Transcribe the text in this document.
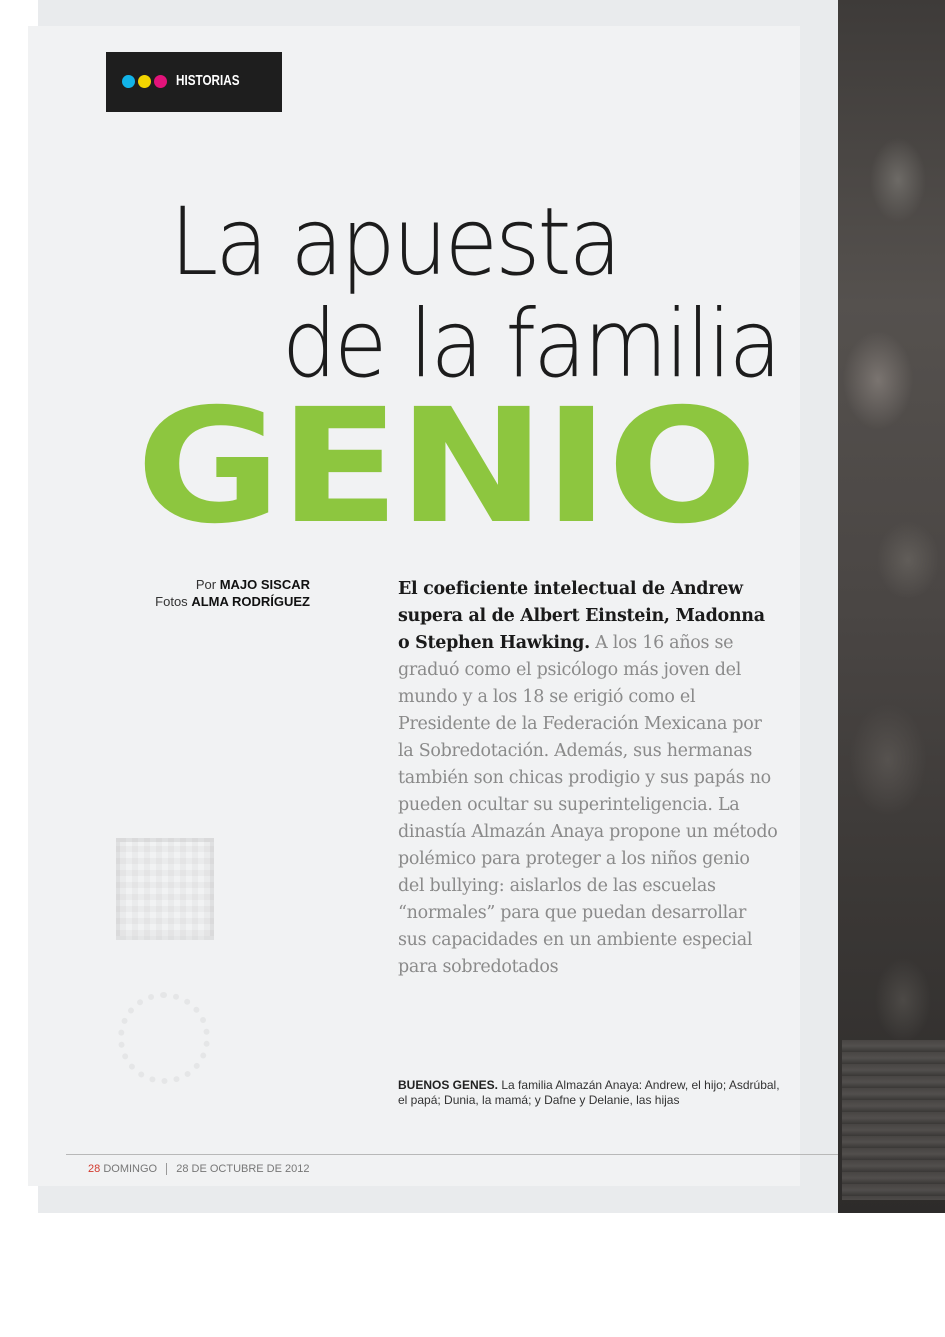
HISTORIAS
La apuesta
de la familia
GENIO
Por MAJO SISCAR
Fotos ALMA RODRÍGUEZ
El coeficiente intelectual de Andrew supera al de Albert Einstein, Madonna o Stephen Hawking. A los 16 años se graduó como el psicólogo más joven del mundo y a los 18 se erigió como el Presidente de la Federación Mexicana por la Sobredotación. Además, sus hermanas también son chicas prodigio y sus papás no pueden ocultar su superinteligencia. La dinastía Almazán Anaya propone un método polémico para proteger a los niños genio del bullying: aislarlos de las escuelas “normales” para que puedan desarrollar sus capacidades en un ambiente especial para sobredotados
BUENOS GENES. La familia Almazán Anaya: Andrew, el hijo; Asdrúbal, el papá; Dunia, la mamá; y Dafne y Delanie, las hijas
28 DOMINGO 28 DE OCTUBRE DE 2012
